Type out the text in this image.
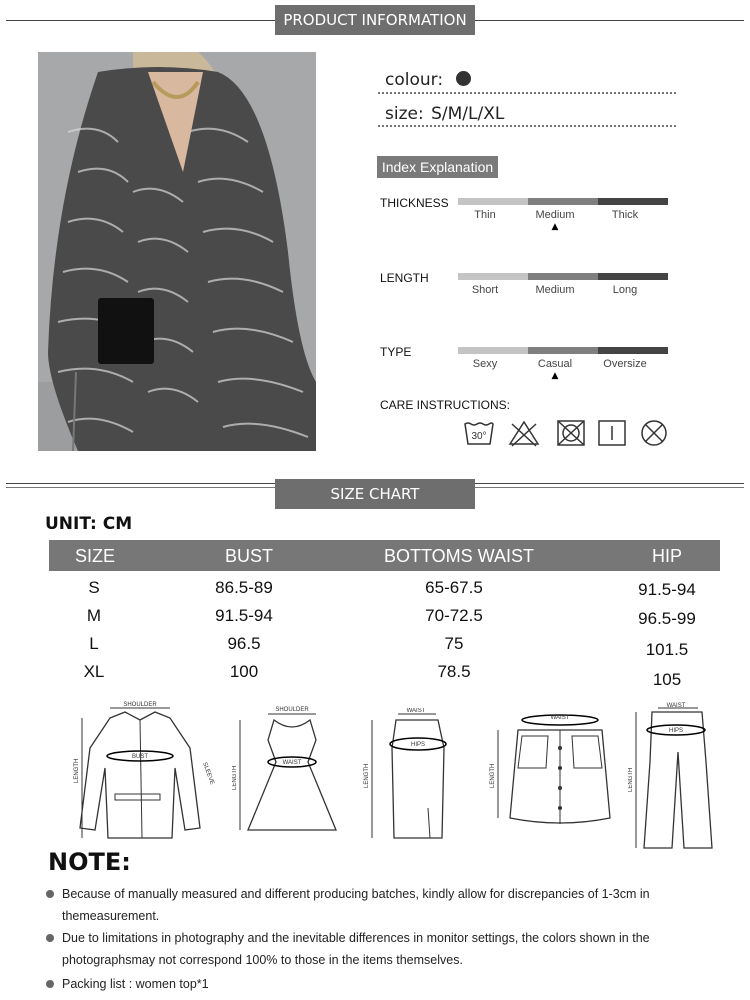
PRODUCT INFORMATION
colour:
size: S/M/L/XL
Index Explanation
THICKNESS
Thin	Medium	Thick
▲
LENGTH
Short	Medium	Long
TYPE
Sexy	Casual	Oversize
▲
CARE INSTRUCTIONS:
30°
SIZE CHART
UNIT: CM
SIZE	BUST	BOTTOMS WAIST	HIP
S	86.5-89	65-67.5	91.5-94
M	91.5-94	70-72.5	96.5-99
L	96.5	75	101.5
XL	100	78.5	105
SHOULDER
BUST
LENGTH	SLEEVE
SHOULDER
WAIST
LENGTH
WAIST
HIPS
LENGTH
WAIST
LENGTH
WAIST
HIPS
LENGTH
NOTE:
Because of manually measured and different producing batches, kindly allow for discrepancies of 1-3cm in themeasurement.
Due to limitations in photography and the inevitable differences in monitor settings, the colors shown in the photographsmay not correspond 100% to those in the items themselves.
Packing list : women top*1
